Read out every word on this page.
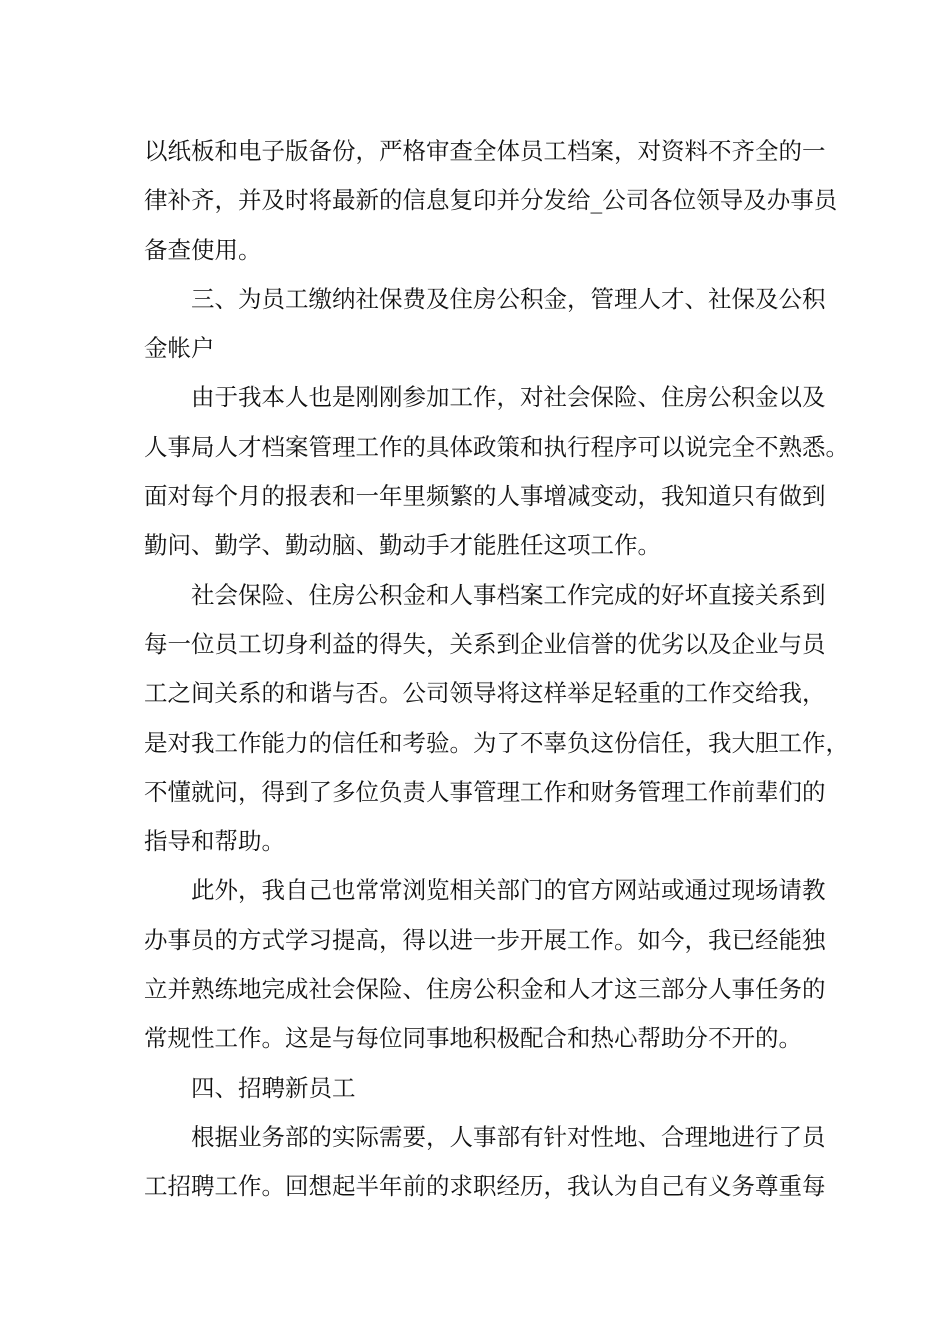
以纸板和电子版备份，严格审查全体员工档案，对资料不齐全的一
律补齐，并及时将最新的信息复印并分发给_公司各位领导及办事员
备查使用。
三、为员工缴纳社保费及住房公积金，管理人才、社保及公积
金帐户
由于我本人也是刚刚参加工作，对社会保险、住房公积金以及
人事局人才档案管理工作的具体政策和执行程序可以说完全不熟悉。
面对每个月的报表和一年里频繁的人事增减变动，我知道只有做到
勤问、勤学、勤动脑、勤动手才能胜任这项工作。
社会保险、住房公积金和人事档案工作完成的好坏直接关系到
每一位员工切身利益的得失，关系到企业信誉的优劣以及企业与员
工之间关系的和谐与否。公司领导将这样举足轻重的工作交给我，
是对我工作能力的信任和考验。为了不辜负这份信任，我大胆工作，
不懂就问，得到了多位负责人事管理工作和财务管理工作前辈们的
指导和帮助。
此外，我自己也常常浏览相关部门的官方网站或通过现场请教
办事员的方式学习提高，得以进一步开展工作。如今，我已经能独
立并熟练地完成社会保险、住房公积金和人才这三部分人事任务的
常规性工作。这是与每位同事地积极配合和热心帮助分不开的。
四、招聘新员工
根据业务部的实际需要，人事部有针对性地、合理地进行了员
工招聘工作。回想起半年前的求职经历，我认为自己有义务尊重每
